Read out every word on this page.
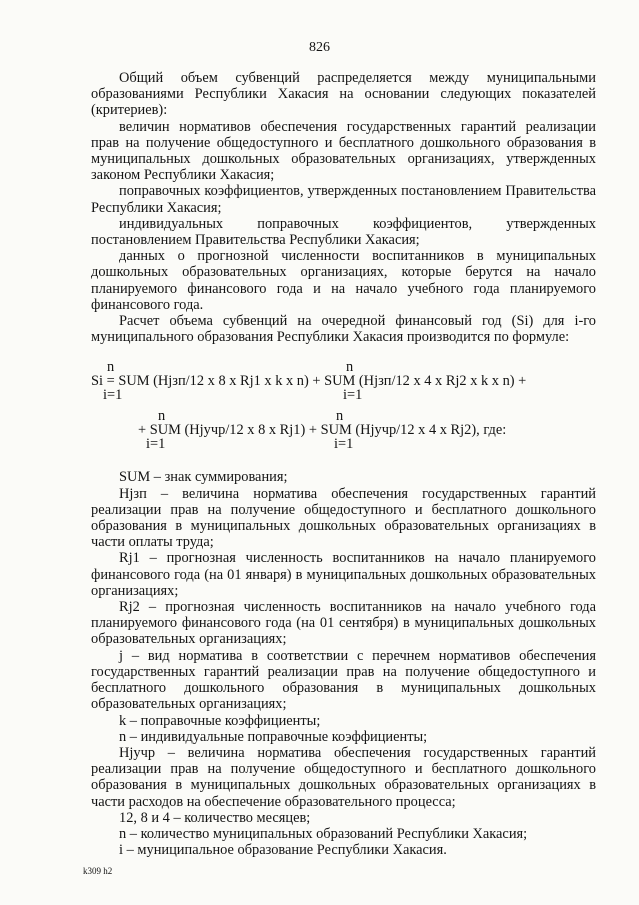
826

Общий объем субвенций распределяется между муниципальными образованиями Республики Хакасия на основании следующих показателей (критериев):

величин нормативов обеспечения государственных гарантий реализации прав на получение общедоступного и бесплатного дошкольного образования в муниципальных дошкольных образовательных организациях, утвержденных законом Республики Хакасия;

поправочных коэффициентов, утвержденных постановлением Правительства Республики Хакасия;

индивидуальных поправочных коэффициентов, утвержденных постановлением Правительства Республики Хакасия;

данных о прогнозной численности воспитанников в муниципальных дошкольных образовательных организациях, которые берутся на начало планируемого финансового года и на начало учебного года планируемого финансового года.

Расчет объема субвенций на очередной финансовый год (Si) для i-го муниципального образования Республики Хакасия производится по формуле:

n	n
Si = SUM (Hjзп/12 x 8 x Rj1 x k x n) + SUM (Hjзп/12 x 4 x Rj2 x k x n) +
i=1	i=1
n	n
+ SUM (Hjучр/12 x 8 x Rj1) + SUM (Hjучр/12 x 4 x Rj2), где:
i=1	i=1

SUM – знак суммирования;

Hjзп – величина норматива обеспечения государственных гарантий реализации прав на получение общедоступного и бесплатного дошкольного образования в муниципальных дошкольных образовательных организациях в части оплаты труда;

Rj1 – прогнозная численность воспитанников на начало планируемого финансового года (на 01 января) в муниципальных дошкольных образовательных организациях;

Rj2 – прогнозная численность воспитанников на начало учебного года планируемого финансового года (на 01 сентября) в муниципальных дошкольных образовательных организациях;

j – вид норматива в соответствии с перечнем нормативов обеспечения государственных гарантий реализации прав на получение общедоступного и бесплатного дошкольного образования в муниципальных дошкольных образовательных организациях;

k – поправочные коэффициенты;

n – индивидуальные поправочные коэффициенты;

Hjучр – величина норматива обеспечения государственных гарантий реализации прав на получение общедоступного и бесплатного дошкольного образования в муниципальных дошкольных образовательных организациях в части расходов на обеспечение образовательного процесса;

12, 8 и 4 – количество месяцев;

n – количество муниципальных образований Республики Хакасия;

i – муниципальное образование Республики Хакасия.

k309 h2
